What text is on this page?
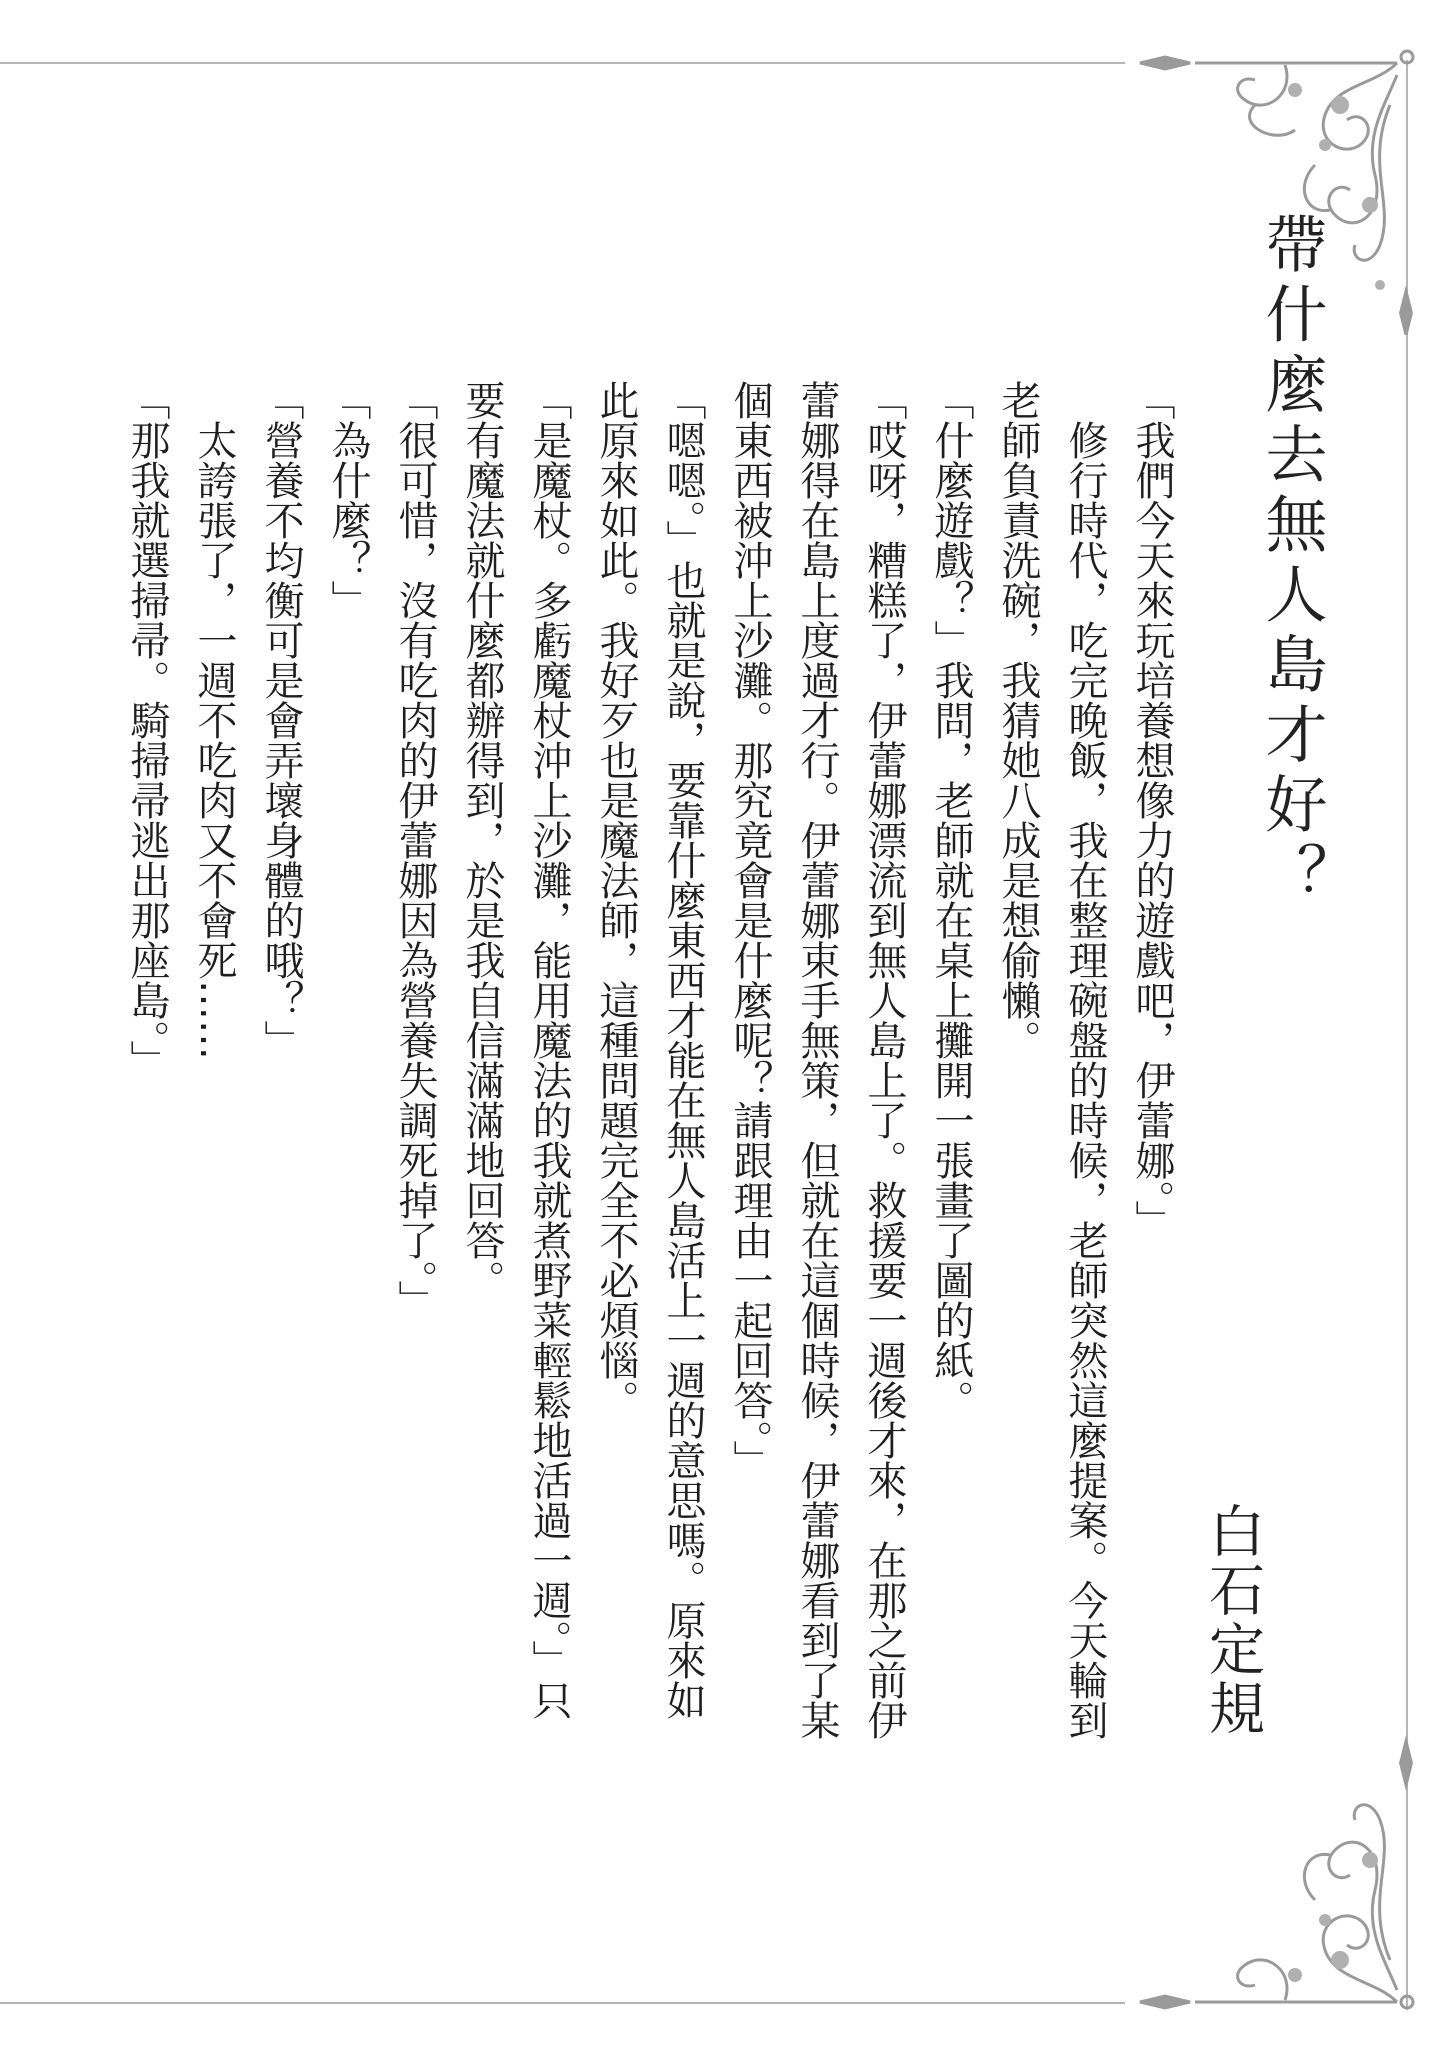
帶什麼去無人島才好？
白石定規
「我們今天來玩培養想像力的遊戲吧，伊蕾娜。」
修行時代，吃完晚飯，我在整理碗盤的時候，老師突然這麼提案。今天輪到
老師負責洗碗，我猜她八成是想偷懶。
「什麼遊戲？」我問，老師就在桌上攤開一張畫了圖的紙。
「哎呀，糟糕了，伊蕾娜漂流到無人島上了。救援要一週後才來，在那之前伊
蕾娜得在島上度過才行。伊蕾娜束手無策，但就在這個時候，伊蕾娜看到了某
個東西被沖上沙灘。那究竟會是什麼呢？請跟理由一起回答。」
「嗯嗯。」也就是說，要靠什麼東西才能在無人島活上一週的意思嗎。原來如
此原來如此。我好歹也是魔法師，這種問題完全不必煩惱。
「是魔杖。多虧魔杖沖上沙灘，能用魔法的我就煮野菜輕鬆地活過一週。」只
要有魔法就什麼都辦得到，於是我自信滿滿地回答。
「很可惜，沒有吃肉的伊蕾娜因為營養失調死掉了。」
「為什麼？」
「營養不均衡可是會弄壞身體的哦？」
太誇張了，一週不吃肉又不會死……
「那我就選掃帚。騎掃帚逃出那座島。」
